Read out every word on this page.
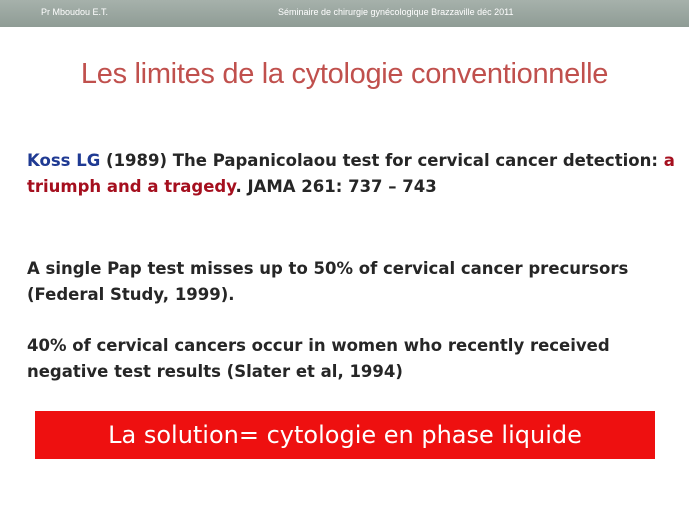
Pr Mboudou E.T.	Séminaire de chirurgie gynécologique Brazzaville déc 2011
Les limites de la cytologie conventionnelle
Koss LG (1989) The Papanicolaou test for cervical cancer detection: a triumph and a tragedy. JAMA 261: 737 – 743
A single Pap test misses up to 50% of cervical cancer precursors (Federal Study, 1999).
40% of cervical cancers occur in women who recently received negative test results (Slater et al, 1994)
La solution= cytologie en phase liquide
